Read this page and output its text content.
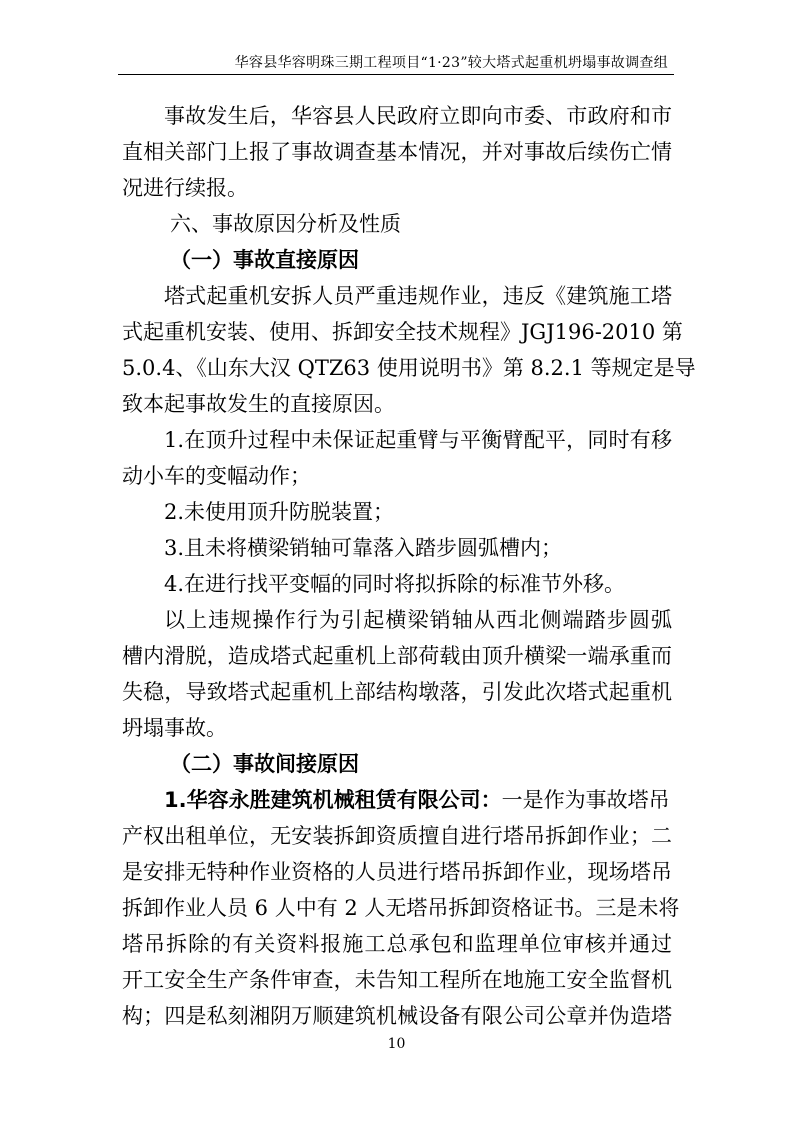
华容县华容明珠三期工程项目“1·23”较大塔式起重机坍塌事故调查组
事故发生后，华容县人民政府立即向市委、市政府和市
直相关部门上报了事故调查基本情况，并对事故后续伤亡情
况进行续报。
六、事故原因分析及性质
（一）事故直接原因
塔式起重机安拆人员严重违规作业，违反《建筑施工塔
式起重机安装、使用、拆卸安全技术规程》JGJ196-2010 第
5.0.4、《山东大汉 QTZ63 使用说明书》第 8.2.1 等规定是导
致本起事故发生的直接原因。
1.在顶升过程中未保证起重臂与平衡臂配平，同时有移
动小车的变幅动作；
2.未使用顶升防脱装置；
3.且未将横梁销轴可靠落入踏步圆弧槽内；
4.在进行找平变幅的同时将拟拆除的标准节外移。
以上违规操作行为引起横梁销轴从西北侧端踏步圆弧
槽内滑脱，造成塔式起重机上部荷载由顶升横梁一端承重而
失稳，导致塔式起重机上部结构墩落，引发此次塔式起重机
坍塌事故。
（二）事故间接原因
1.华容永胜建筑机械租赁有限公司：一是作为事故塔吊
产权出租单位，无安装拆卸资质擅自进行塔吊拆卸作业；二
是安排无特种作业资格的人员进行塔吊拆卸作业，现场塔吊
拆卸作业人员 6 人中有 2 人无塔吊拆卸资格证书。三是未将
塔吊拆除的有关资料报施工总承包和监理单位审核并通过
开工安全生产条件审查，未告知工程所在地施工安全监督机
构；四是私刻湘阴万顺建筑机械设备有限公司公章并伪造塔
10
